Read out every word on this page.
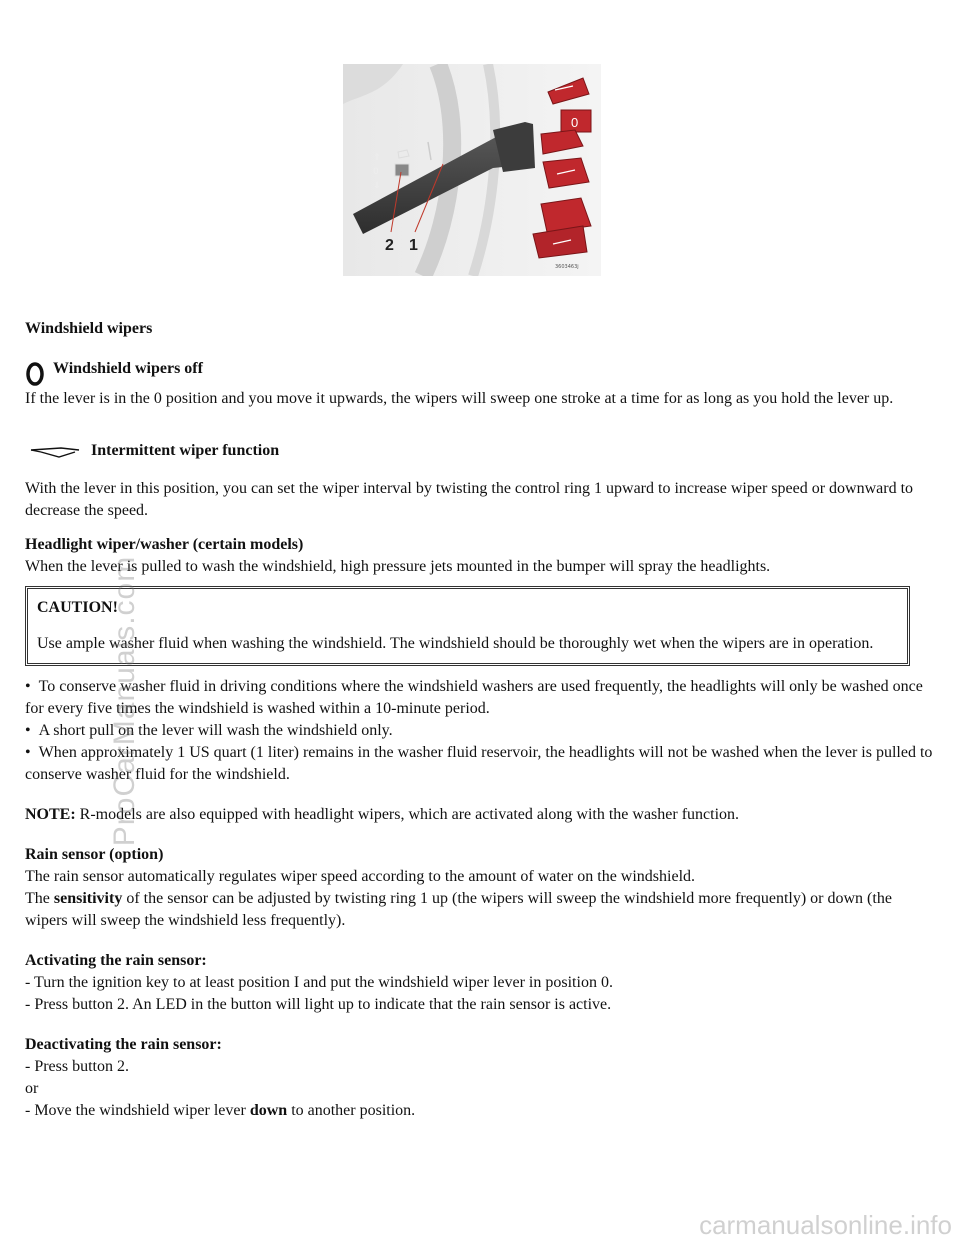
⇑
0
⇓
2 1
0
3603463j

Windshield wipers

Windshield wipers off

If the lever is in the 0 position and you move it upwards, the wipers will sweep one stroke at a time for as long as you hold the lever up.

Intermittent wiper function

With the lever in this position, you can set the wiper interval by twisting the control ring 1 upward to increase wiper speed or downward to decrease the speed.

Headlight wiper/washer (certain models)

When the lever is pulled to wash the windshield, high pressure jets mounted in the bumper will spray the headlights.

CAUTION!

Use ample washer fluid when washing the windshield. The windshield should be thoroughly wet when the wipers are in operation.

•  To conserve washer fluid in driving conditions where the windshield washers are used frequently, the headlights will only be washed once for every five times the windshield is washed within a 10-minute period.

•  A short pull on the lever will wash the windshield only.

•  When approximately 1 US quart (1 liter) remains in the washer fluid reservoir, the headlights will not be washed when the lever is pulled to conserve washer fluid for the windshield.

NOTE: R-models are also equipped with headlight wipers, which are activated along with the washer function.

Rain sensor (option)

The rain sensor automatically regulates wiper speed according to the amount of water on the windshield.

The sensitivity of the sensor can be adjusted by twisting ring 1 up (the wipers will sweep the windshield more frequently) or down (the wipers will sweep the windshield less frequently).

Activating the rain sensor:

- Turn the ignition key to at least position I and put the windshield wiper lever in position 0.

- Press button 2. An LED in the button will light up to indicate that the rain sensor is active.

Deactivating the rain sensor:

- Press button 2.

or

- Move the windshield wiper lever down to another position.

ProCarManuals.com
carmanualsonline.info
